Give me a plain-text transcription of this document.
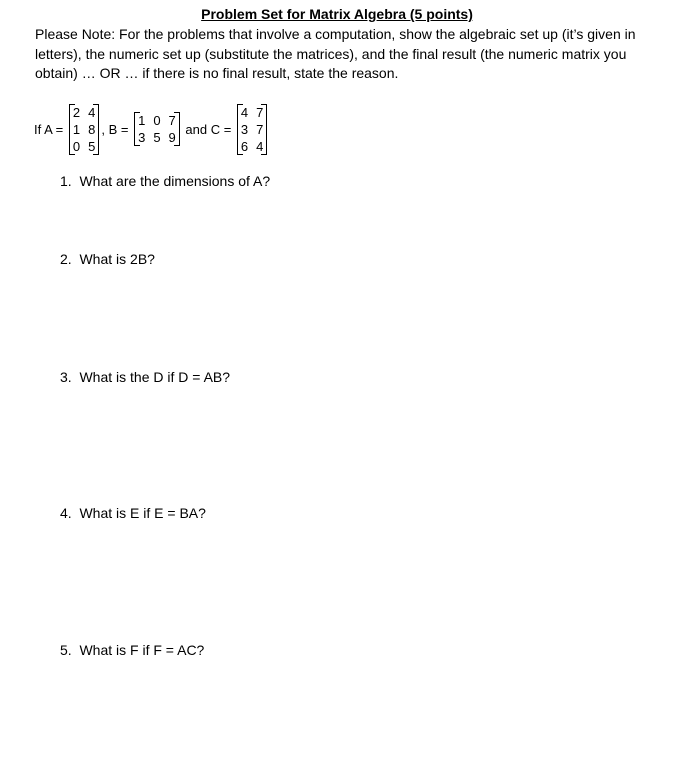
Problem Set for Matrix Algebra (5 points)
Please Note: For the problems that involve a computation, show the algebraic set up (it’s given in letters), the numeric set up (substitute the matrices), and the final result (the numeric matrix you obtain) … OR … if there is no final result, state the reason.
If A =
2	4
1	8
0	5
, B =
1	0	7
3	5	9
and C =
4	7
3	7
6	4
1. What are the dimensions of A?
2. What is 2B?
3. What is the D if D = AB?
4. What is E if E = BA?
5. What is F if F = AC?
